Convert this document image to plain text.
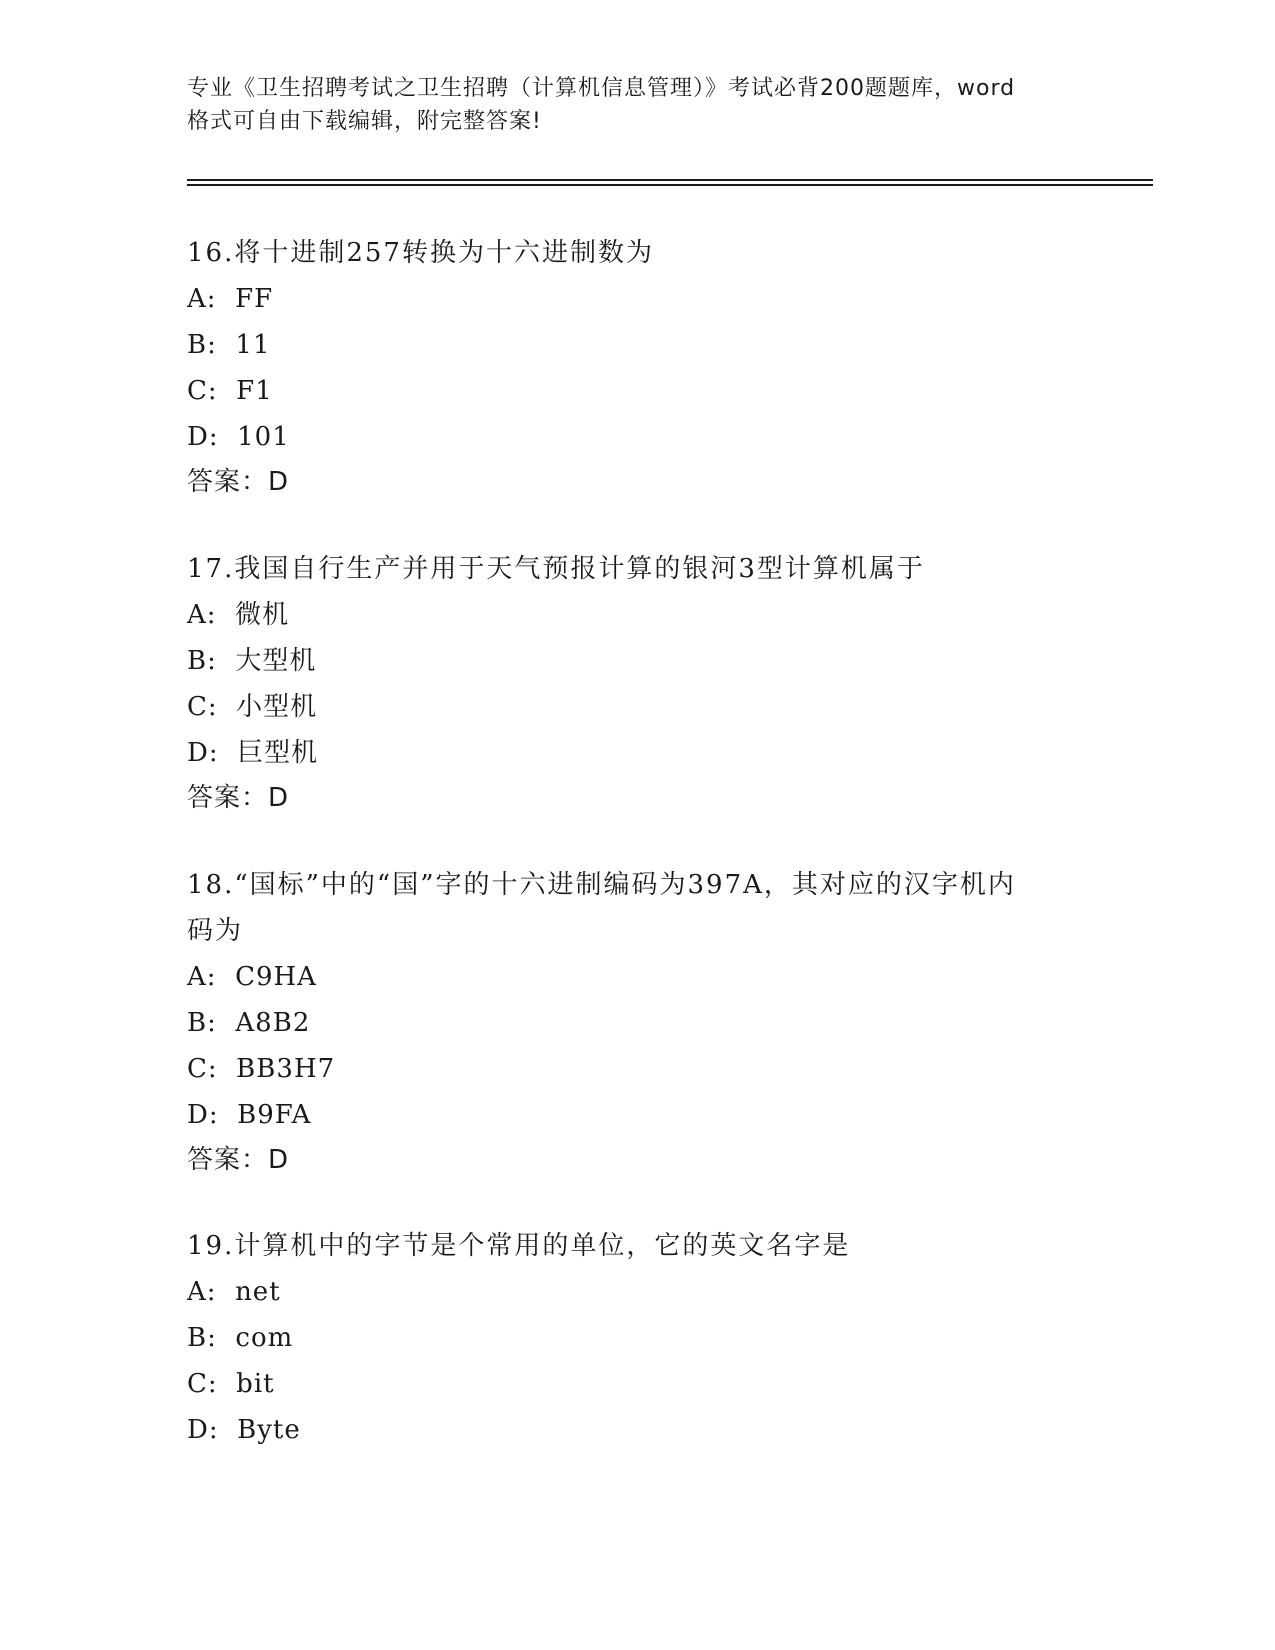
专业《卫生招聘考试之卫生招聘（计算机信息管理）》考试必背200题题库，word
格式可自由下载编辑，附完整答案!
16.将十进制257转换为十六进制数为
A:  FF
B:  11
C:  F1
D:  101
答案：D
17.我国自行生产并用于天气预报计算的银河3型计算机属于
A:  微机
B:  大型机
C:  小型机
D:  巨型机
答案：D
18.“国标”中的“国”字的十六进制编码为397A，其对应的汉字机内
码为
A:  C9HA
B:  A8B2
C:  BB3H7
D:  B9FA
答案：D
19.计算机中的字节是个常用的单位，它的英文名字是
A:  net
B:  com
C:  bit
D:  Byte
